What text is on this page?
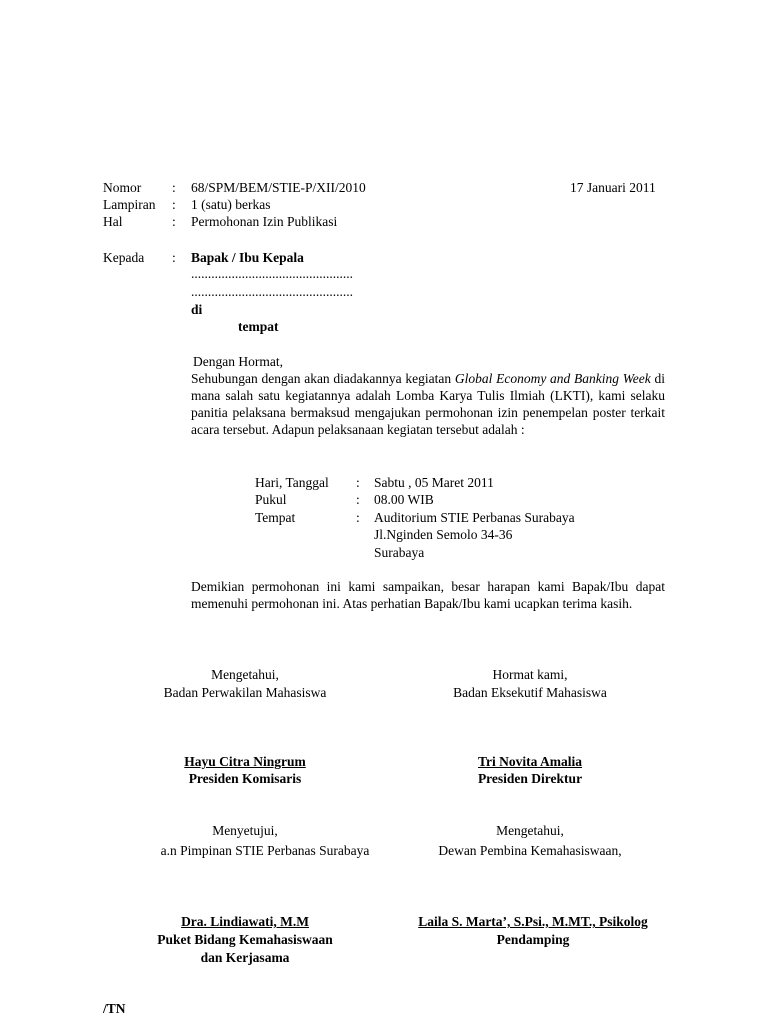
Nomor : 68/SPM/BEM/STIE-P/XII/2010	17 Januari 2011
Lampiran : 1 (satu) berkas
Hal	: Permohonan Izin Publikasi
Kepada : Bapak / Ibu Kepala
................................................
................................................
di
tempat
Dengan Hormat,
Sehubungan dengan akan diadakannya kegiatan Global Economy and Banking Week di mana salah satu kegiatannya adalah Lomba Karya Tulis Ilmiah (LKTI), kami selaku panitia pelaksana bermaksud mengajukan permohonan izin penempelan poster terkait acara tersebut. Adapun pelaksanaan kegiatan tersebut adalah :
Hari, Tanggal : Sabtu , 05 Maret 2011
Pukul	: 08.00 WIB
Tempat	: Auditorium STIE Perbanas Surabaya
Jl.Nginden Semolo 34-36
Surabaya
Demikian permohonan ini kami sampaikan, besar harapan kami Bapak/Ibu dapat memenuhi permohonan ini. Atas perhatian Bapak/Ibu kami ucapkan terima kasih.
Mengetahui,
Badan Perwakilan Mahasiswa
Hormat kami,
Badan Eksekutif Mahasiswa
Hayu Citra Ningrum
Presiden Komisaris
Tri Novita Amalia
Presiden Direktur
Menyetujui,
a.n Pimpinan STIE Perbanas Surabaya
Mengetahui,
Dewan Pembina Kemahasiswaan,
Dra. Lindiawati, M.M
Puket Bidang Kemahasiswaan
dan Kerjasama
Laila S. Marta’, S.Psi., M.MT., Psikolog
Pendamping
/TN
